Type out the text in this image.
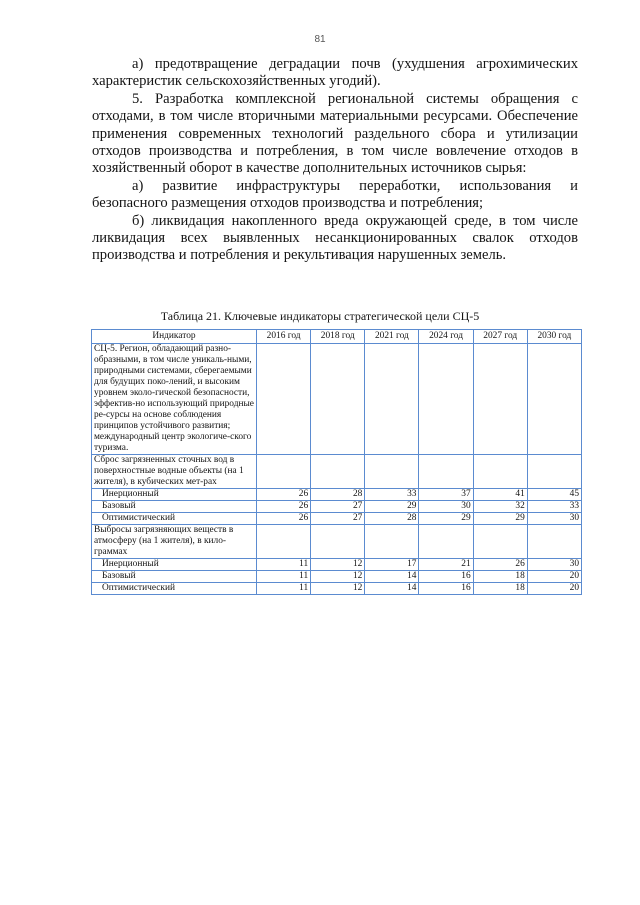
81

а) предотвращение деградации почв (ухудшения агрохимических характеристик сельскохозяйственных угодий).

5. Разработка комплексной региональной системы обращения с отходами, в том числе вторичными материальными ресурсами. Обеспечение применения современных технологий раздельного сбора и утилизации отходов производства и потребления, в том числе вовлечение отходов в хозяйственный оборот в качестве дополнительных источников сырья:

а) развитие инфраструктуры переработки, использования и безопасного размещения отходов производства и потребления;

б) ликвидация накопленного вреда окружающей среде, в том числе ликвидация всех выявленных несанкционированных свалок отходов производства и потребления и рекультивация нарушенных земель.

Таблица 21. Ключевые индикаторы стратегической цели СЦ-5
Индикатор	2016 год	2018 год	2021 год	2024 год	2027 год	2030 год
СЦ-5. Регион, обладающий разно-образными, в том числе уникаль-ными, природными системами, сберегаемыми для будущих поко-лений, и высоким уровнем эколо-гической безопасности, эффектив-но использующий природные ре-сурсы на основе соблюдения принципов устойчивого развития; международный центр экологиче-ского туризма.						
Сброс загрязненных сточных вод в поверхностные водные объекты (на 1 жителя), в кубических мет-рах						
Инерционный	26	28	33	37	41	45
Базовый	26	27	29	30	32	33
Оптимистический	26	27	28	29	29	30
Выбросы загрязняющих веществ в атмосферу (на 1 жителя), в кило-граммах						
Инерционный	11	12	17	21	26	30
Базовый	11	12	14	16	18	20
Оптимистический	11	12	14	16	18	20
